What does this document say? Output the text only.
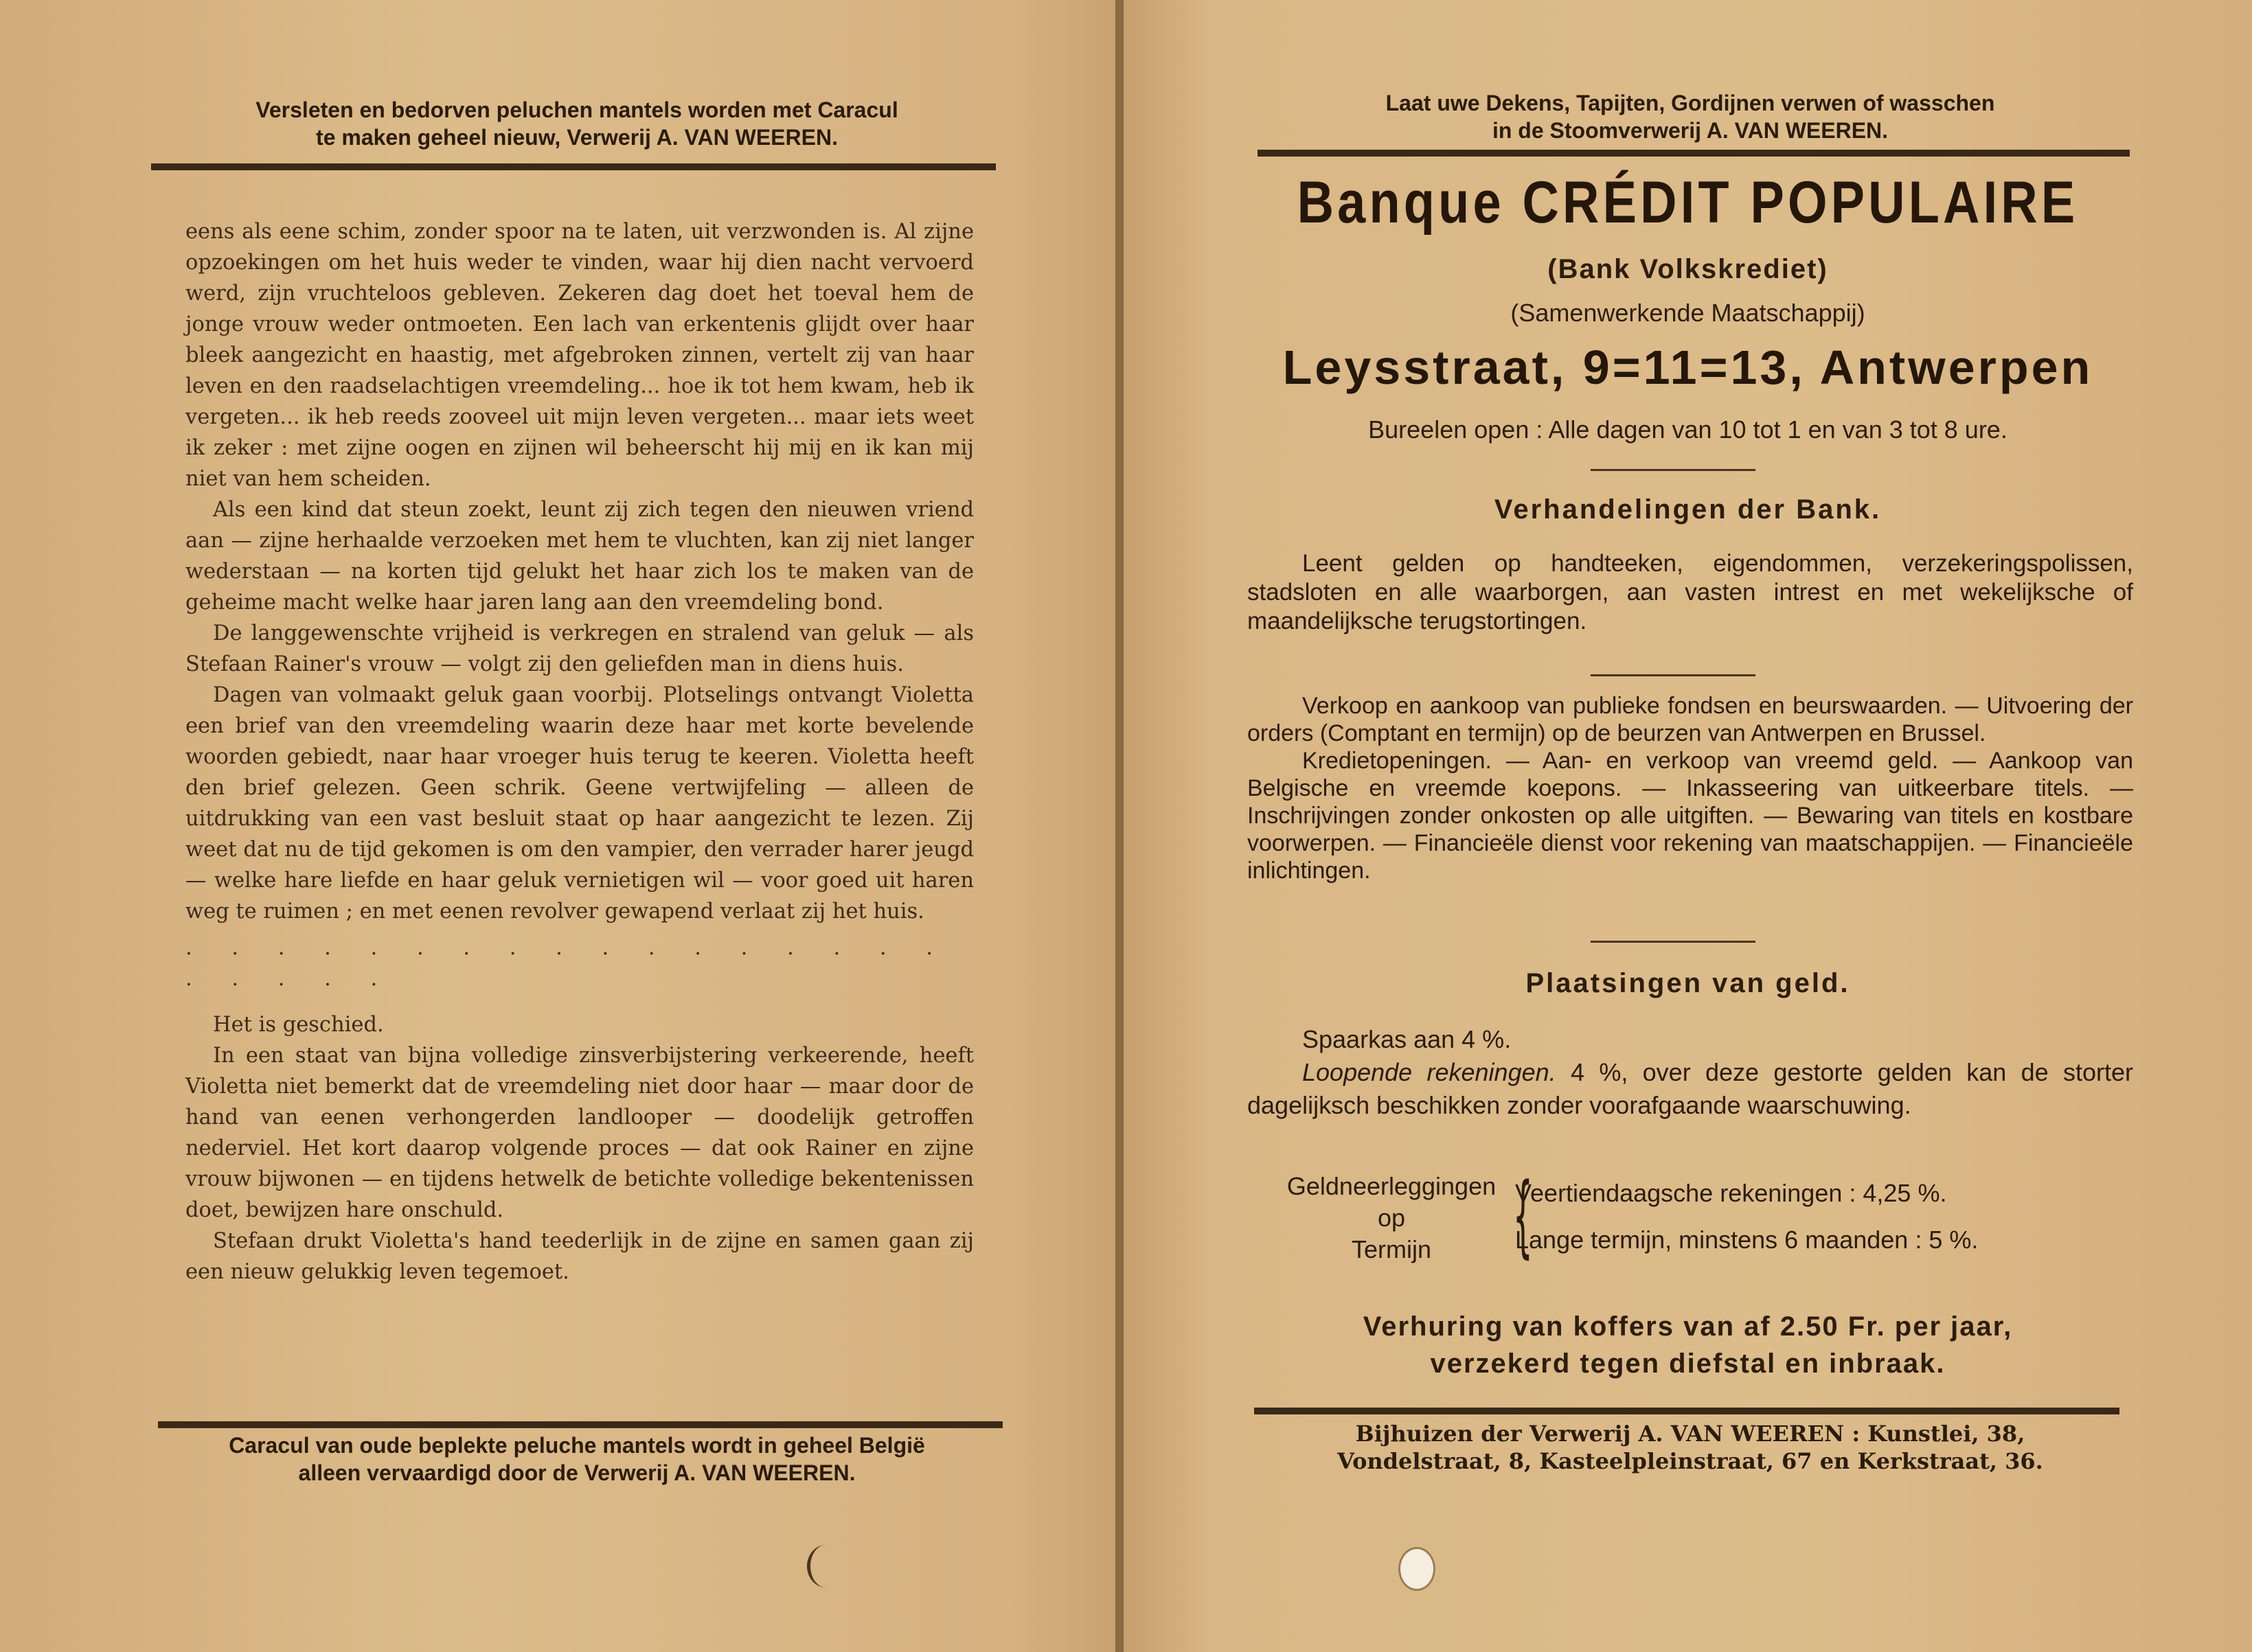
Versleten en bedorven peluchen mantels worden met Caracul

te maken geheel nieuw, Verwerij A. VAN WEEREN.

eens als eene schim, zonder spoor na te laten, uit verzwonden is. Al zijne opzoekingen om het huis weder te vinden, waar hij dien nacht vervoerd werd, zijn vruchteloos gebleven. Zekeren dag doet het toeval hem de jonge vrouw weder ontmoeten. Een lach van erkentenis glijdt over haar bleek aangezicht en haastig, met afgebroken zinnen, vertelt zij van haar leven en den raadselachtigen vreemdeling... hoe ik tot hem kwam, heb ik vergeten... ik heb reeds zooveel uit mijn leven vergeten... maar iets weet ik zeker : met zijne oogen en zijnen wil beheerscht hij mij en ik kan mij niet van hem scheiden.

Als een kind dat steun zoekt, leunt zij zich tegen den nieuwen vriend aan — zijne herhaalde verzoeken met hem te vluchten, kan zij niet langer wederstaan — na korten tijd gelukt het haar zich los te maken van de geheime macht welke haar jaren lang aan den vreemdeling bond.

De langgewenschte vrijheid is verkregen en stralend van geluk — als Stefaan Rainer's vrouw — volgt zij den geliefden man in diens huis.

Dagen van volmaakt geluk gaan voorbij. Plotselings ontvangt Violetta een brief van den vreemdeling waarin deze haar met korte bevelende woorden gebiedt, naar haar vroeger huis terug te keeren. Violetta heeft den brief gelezen. Geen schrik. Geene vertwijfeling — alleen de uitdrukking van een vast besluit staat op haar aangezicht te lezen. Zij weet dat nu de tijd gekomen is om den vampier, den verrader harer jeugd — welke hare liefde en haar geluk vernietigen wil — voor goed uit haren weg te ruimen ; en met eenen revolver gewapend verlaat zij het huis.

. . . . . . . . . . . . . . . . . . . . . .

Het is geschied.

In een staat van bijna volledige zinsverbijstering verkeerende, heeft Violetta niet bemerkt dat de vreemdeling niet door haar — maar door de hand van eenen verhongerden landlooper — doodelijk getroffen nederviel. Het kort daarop volgende proces — dat ook Rainer en zijne vrouw bijwonen — en tijdens hetwelk de betichte volledige bekentenissen doet, bewijzen hare onschuld.

Stefaan drukt Violetta's hand teederlijk in de zijne en samen gaan zij een nieuw gelukkig leven tegemoet.

Caracul van oude beplekte peluche mantels wordt in geheel België

alleen vervaardigd door de Verwerij A. VAN WEEREN.

Laat uwe Dekens, Tapijten, Gordijnen verwen of wasschen

in de Stoomverwerij A. VAN WEEREN.

Banque CRÉDIT POPULAIRE
(Bank Volkskrediet)
(Samenwerkende Maatschappij)
Leysstraat, 9=11=13, Antwerpen
Bureelen open : Alle dagen van 10 tot 1 en van 3 tot 8 ure.
Verhandelingen der Bank.

Leent gelden op handteeken, eigendommen, verzekeringspolissen, stadsloten en alle waarborgen, aan vasten intrest en met wekelijksche of maandelijksche terugstortingen.

Verkoop en aankoop van publieke fondsen en beurswaarden. — Uitvoering der orders (Comptant en termijn) op de beurzen van Antwerpen en Brussel.

Kredietopeningen. — Aan- en verkoop van vreemd geld. — Aankoop van Belgische en vreemde koepons. — Inkasseering van uitkeerbare titels. — Inschrijvingen zonder onkosten op alle uitgiften. — Bewaring van titels en kostbare voorwerpen. — Financieële dienst voor rekening van maatschappijen. — Financieële inlichtingen.

Plaatsingen van geld.

Spaarkas aan 4 %.

Loopende rekeningen. 4 %, over deze gestorte gelden kan de storter dagelijksch beschikken zonder voorafgaande waarschuwing.

Geldneerleggingen
op
Termijn {
Veertiendaagsche rekeningen : 4,25 %.
Lange termijn, minstens 6 maanden : 5 %.
Verhuring van koffers van af 2.50 Fr. per jaar,
verzekerd tegen diefstal en inbraak.

Bijhuizen der Verwerij A. VAN WEEREN : Kunstlei, 38,

Vondelstraat, 8, Kasteelpleinstraat, 67 en Kerkstraat, 36.
